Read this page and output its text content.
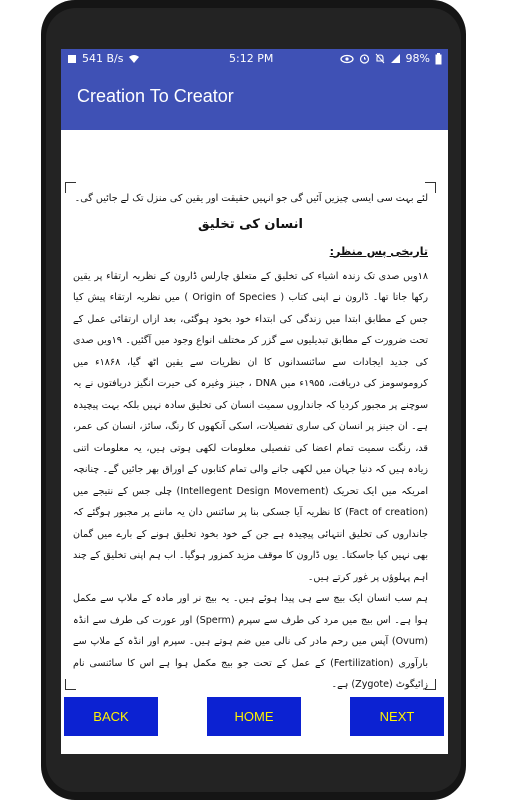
541 B/s	5:12 PM	98%
Creation To Creator

لئے بہت سی ایسی چیزیں آئیں گی جو انہیں حقیقت اور یقین کی منزل تک لے جائیں گی۔

انسان کی تخلیق

تاریخی پس منظر:

۱۸ویں صدی تک زندہ اشیاء کی تخلیق کے متعلق چارلس ڈارون کے نظریہ ارتقاء پر یقین رکھا جاتا تھا۔ ڈارون نے اپنی کتاب ( Origin of Species ) میں نظریہ ارتقاء پیش کیا جس کے مطابق ابتدا میں زندگی کی ابتداء خود بخود ہوگئی، بعد ازاں ارتقائی عمل کے تحت ضرورت کے مطابق تبدیلیوں سے گزر کر مختلف انواع وجود میں آگئیں۔ ۱۹ویں صدی کی جدید ایجادات سے سائنسدانوں کا ان نظریات سے یقین اٹھ گیا، ۱۸۶۸ء میں کروموسومز کی دریافت، ۱۹۵۵ء میں DNA ، جینز وغیرہ کی حیرت انگیز دریافتوں نے یہ سوچنے پر مجبور کردیا کہ جانداروں سمیت انسان کی تخلیق سادہ نہیں بلکہ بہت پیچیدہ ہے۔ ان جینز پر انسان کی ساری تفصیلات، اسکی آنکھوں کا رنگ، سائز، انسان کی عمر، قد، رنگت سمیت تمام اعضا کی تفصیلی معلومات لکھی ہوتی ہیں، یہ معلومات اتنی زیادہ ہیں کہ دنیا جہان میں لکھی جانے والی تمام کتابوں کے اوراق بھر جائیں گے۔ چنانچہ امریکہ میں ایک تحریک (Intellegent Design Movement) چلی جس کے نتیجے میں (Fact of creation) کا نظریہ آیا جسکی بنا پر سائنس دان یہ ماننے پر مجبور ہوگئے کہ جانداروں کی تخلیق انتہائی پیچیدہ ہے جن کے خود بخود تخلیق ہونے کے بارے میں گمان بھی نہیں کیا جاسکتا۔ یوں ڈارون کا موقف مزید کمزور ہوگیا۔ اب ہم اپنی تخلیق کے چند اہم پہلوؤں پر غور کرتے ہیں۔

ہم سب انسان ایک بیج سے ہی پیدا ہوئے ہیں۔ یہ بیج نر اور مادہ کے ملاپ سے مکمل ہوا ہے۔ اس بیج میں مرد کی طرف سے سپرم (Sperm) اور عورت کی طرف سے انڈہ (Ovum) آپس میں رحم مادر کی نالی میں ضم ہوتے ہیں۔ سپرم اور انڈہ کے ملاپ سے بارآوری (Fertilization) کے عمل کے تحت جو بیج مکمل ہوا ہے اس کا سائنسی نام زائیگوٹ (Zygote) ہے۔

BACK	HOME	NEXT
